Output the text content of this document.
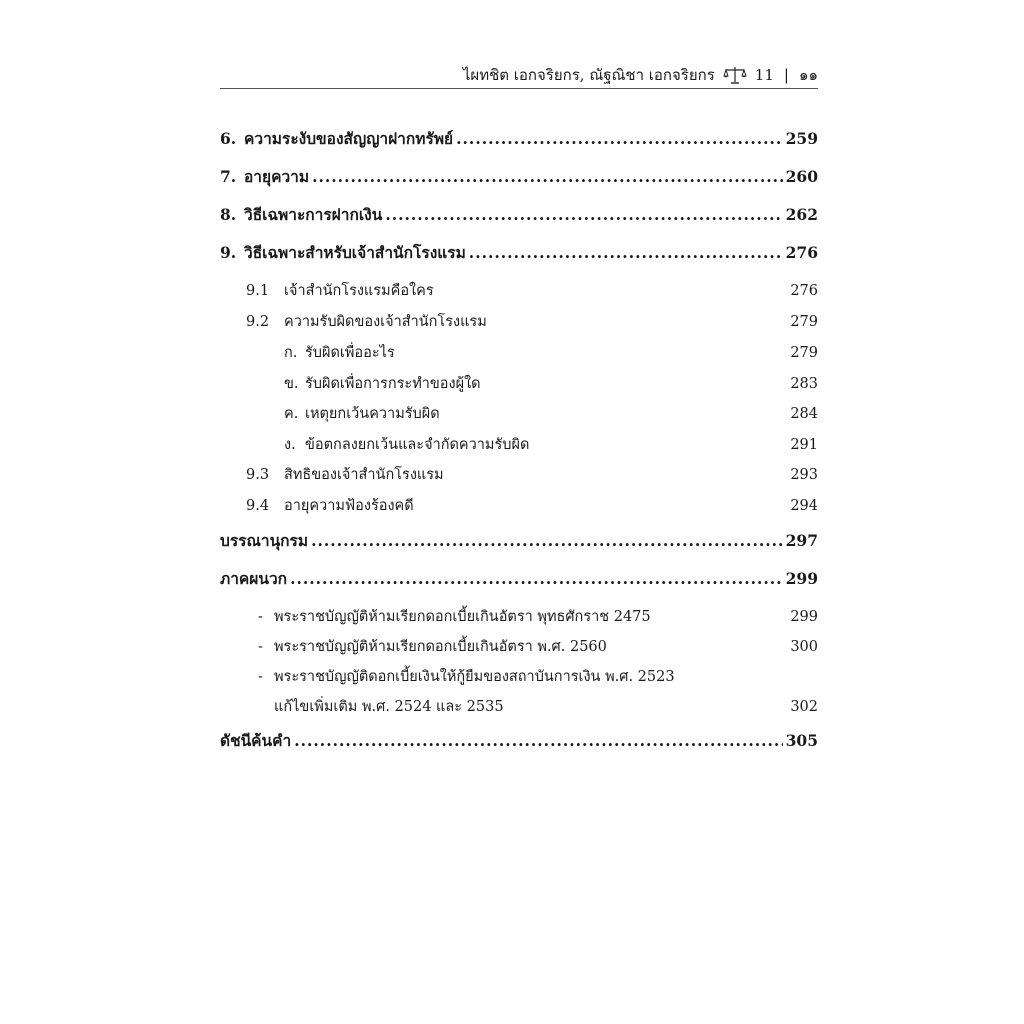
ไผทชิต เอกจริยกร, ณัฐณิชา เอกจริยกร	11 | ๑๑
6. ความระงับของสัญญาฝากทรัพย์ .....	259
7. อายุความ .....	260
8. วิธีเฉพาะการฝากเงิน .....	262
9. วิธีเฉพาะสำหรับเจ้าสำนักโรงแรม .....	276
9.1	เจ้าสำนักโรงแรมคือใคร	276
9.2	ความรับผิดของเจ้าสำนักโรงแรม	279
ก. รับผิดเพื่ออะไร	279
ข. รับผิดเพื่อการกระทำของผู้ใด	283
ค. เหตุยกเว้นความรับผิด	284
ง. ข้อตกลงยกเว้นและจำกัดความรับผิด	291
9.3	สิทธิของเจ้าสำนักโรงแรม	293
9.4	อายุความฟ้องร้องคดี	294
บรรณานุกรม .....	297
ภาคผนวก .....	299
- พระราชบัญญัติห้ามเรียกดอกเบี้ยเกินอัตรา พุทธศักราช 2475	299
- พระราชบัญญัติห้ามเรียกดอกเบี้ยเกินอัตรา พ.ศ. 2560	300
- พระราชบัญญัติดอกเบี้ยเงินให้กู้ยืมของสถาบันการเงิน พ.ศ. 2523
แก้ไขเพิ่มเติม พ.ศ. 2524 และ 2535	302
ดัชนีค้นคำ .....	305
